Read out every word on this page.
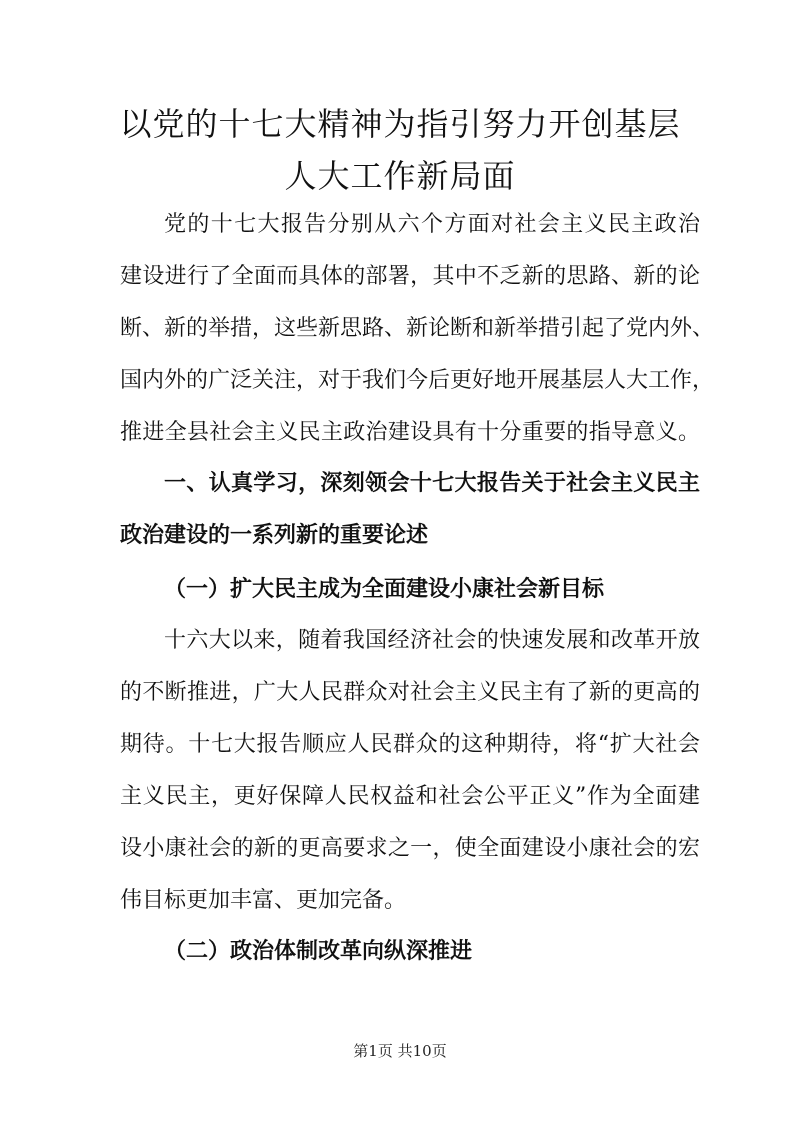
以党的十七大精神为指引努力开创基层
人大工作新局面

党的十七大报告分别从六个方面对社会主义民主政治

建设进行了全面而具体的部署，其中不乏新的思路、新的论

断、新的举措，这些新思路、新论断和新举措引起了党内外、

国内外的广泛关注，对于我们今后更好地开展基层人大工作，

推进全县社会主义民主政治建设具有十分重要的指导意义。

一、认真学习，深刻领会十七大报告关于社会主义民主

政治建设的一系列新的重要论述

（一）扩大民主成为全面建设小康社会新目标

十六大以来，随着我国经济社会的快速发展和改革开放

的不断推进，广大人民群众对社会主义民主有了新的更高的

期待。十七大报告顺应人民群众的这种期待，将“扩大社会

主义民主，更好保障人民权益和社会公平正义”作为全面建

设小康社会的新的更高要求之一，使全面建设小康社会的宏

伟目标更加丰富、更加完备。

（二）政治体制改革向纵深推进

第1页 共10页
